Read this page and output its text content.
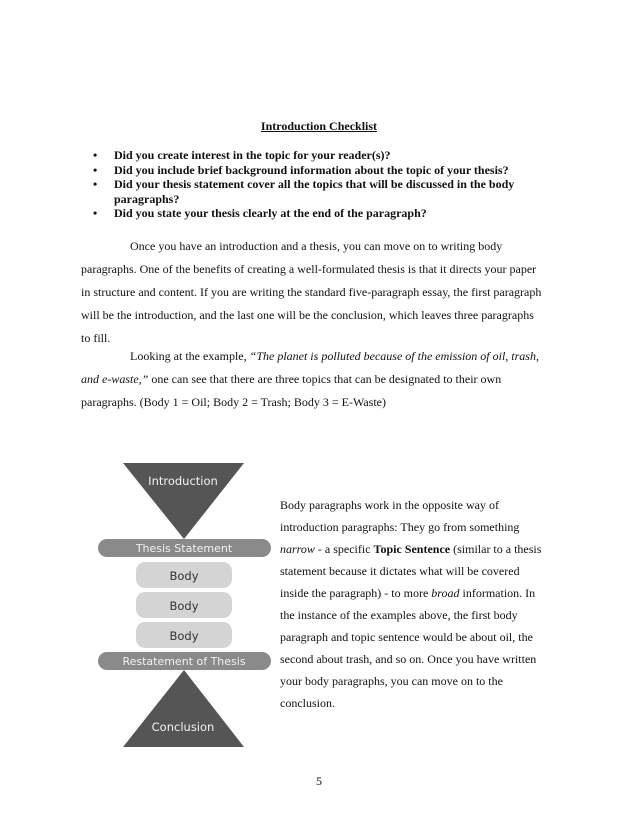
Introduction Checklist
• Did you create interest in the topic for your reader(s)?
• Did you include brief background information about the topic of your thesis?
• Did your thesis statement cover all the topics that will be discussed in the body paragraphs?
• Did you state your thesis clearly at the end of the paragraph?

Once you have an introduction and a thesis, you can move on to writing body paragraphs. One of the benefits of creating a well-formulated thesis is that it directs your paper in structure and content. If you are writing the standard five-paragraph essay, the first paragraph will be the introduction, and the last one will be the conclusion, which leaves three paragraphs to fill.

Looking at the example, “The planet is polluted because of the emission of oil, trash, and e-waste,” one can see that there are three topics that can be designated to their own paragraphs. (Body 1 = Oil; Body 2 = Trash; Body 3 = E-Waste)

Introduction
Thesis Statement
Body
Body
Body
Restatement of Thesis
Conclusion

Body paragraphs work in the opposite way of introduction paragraphs: They go from something narrow - a specific Topic Sentence (similar to a thesis statement because it dictates what will be covered inside the paragraph) - to more broad information. In the instance of the examples above, the first body paragraph and topic sentence would be about oil, the second about trash, and so on. Once you have written your body paragraphs, you can move on to the conclusion.

5
